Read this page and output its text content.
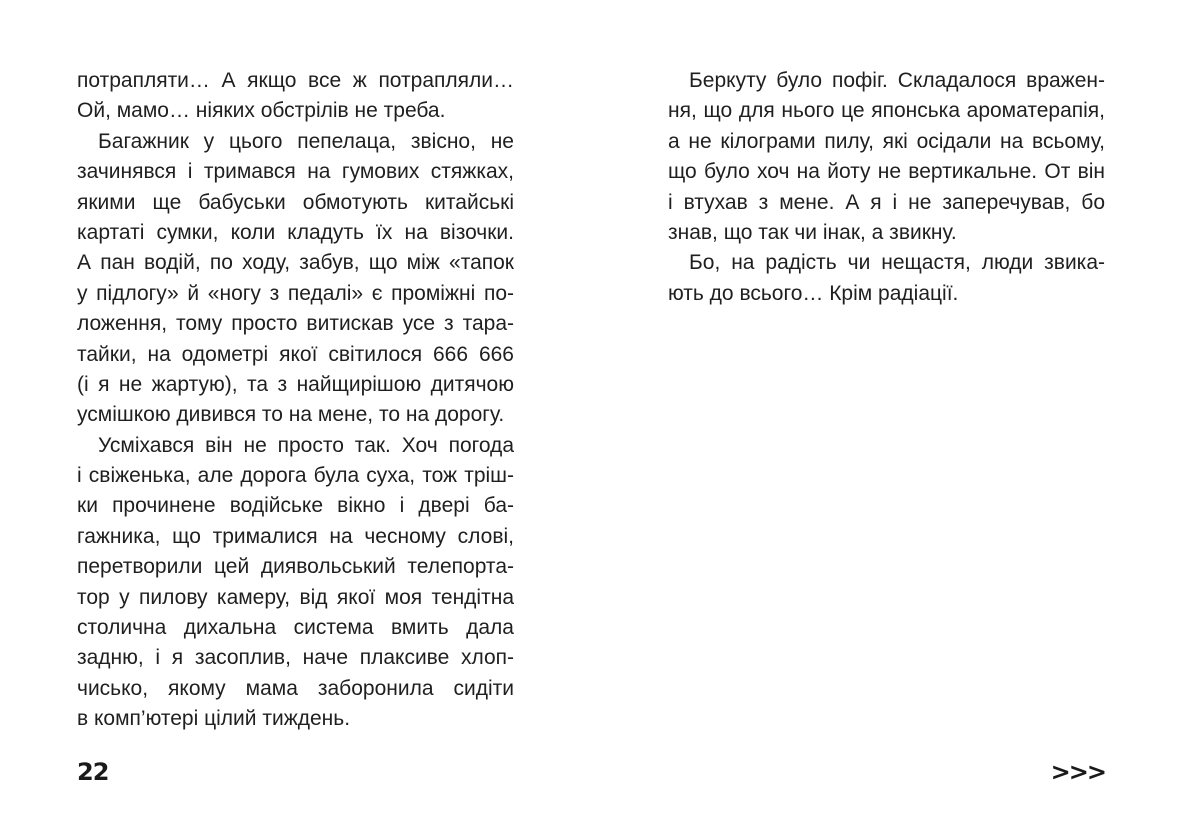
потрапляти… А якщо все ж потрапляли…
Ой, мамо… ніяких обстрілів не треба.
Багажник у цього пепелаца, звісно, не
зачинявся і тримався на гумових стяжках,
якими ще бабуськи обмотують китайські
картаті сумки, коли кладуть їх на візочки.
А пан водій, по ходу, забув, що між «тапок
у підлогу» й «ногу з педалі» є проміжні по-
ложення, тому просто витискав усе з тара-
тайки, на одометрі якої світилося 666 666
(і я не жартую), та з найщирішою дитячою
усмішкою дивився то на мене, то на дорогу.
Усміхався він не просто так. Хоч погода
і свіженька, але дорога була суха, тож трiш-
ки прочинене водійське вікно і двері ба-
гажника, що трималися на чесному слові,
перетворили цей диявольський телепорта-
тор у пилову камеру, від якої моя тендітна
столична дихальна система вмить дала
задню, і я засоплив, наче плаксиве хлоп-
чисько, якому мама заборонила сидіти
в комп’ютері цілий тиждень.
Беркуту було пофіг. Складалося вражен-
ня, що для нього це японська ароматерапія,
а не кілограми пилу, які осідали на всьому,
що було хоч на йоту не вертикальне. От він
і втухав з мене. А я і не заперечував, бо
знав, що так чи інак, а звикну.
Бо, на радість чи нещастя, люди звика-
ють до всього… Крім радіації.
22	>>>
